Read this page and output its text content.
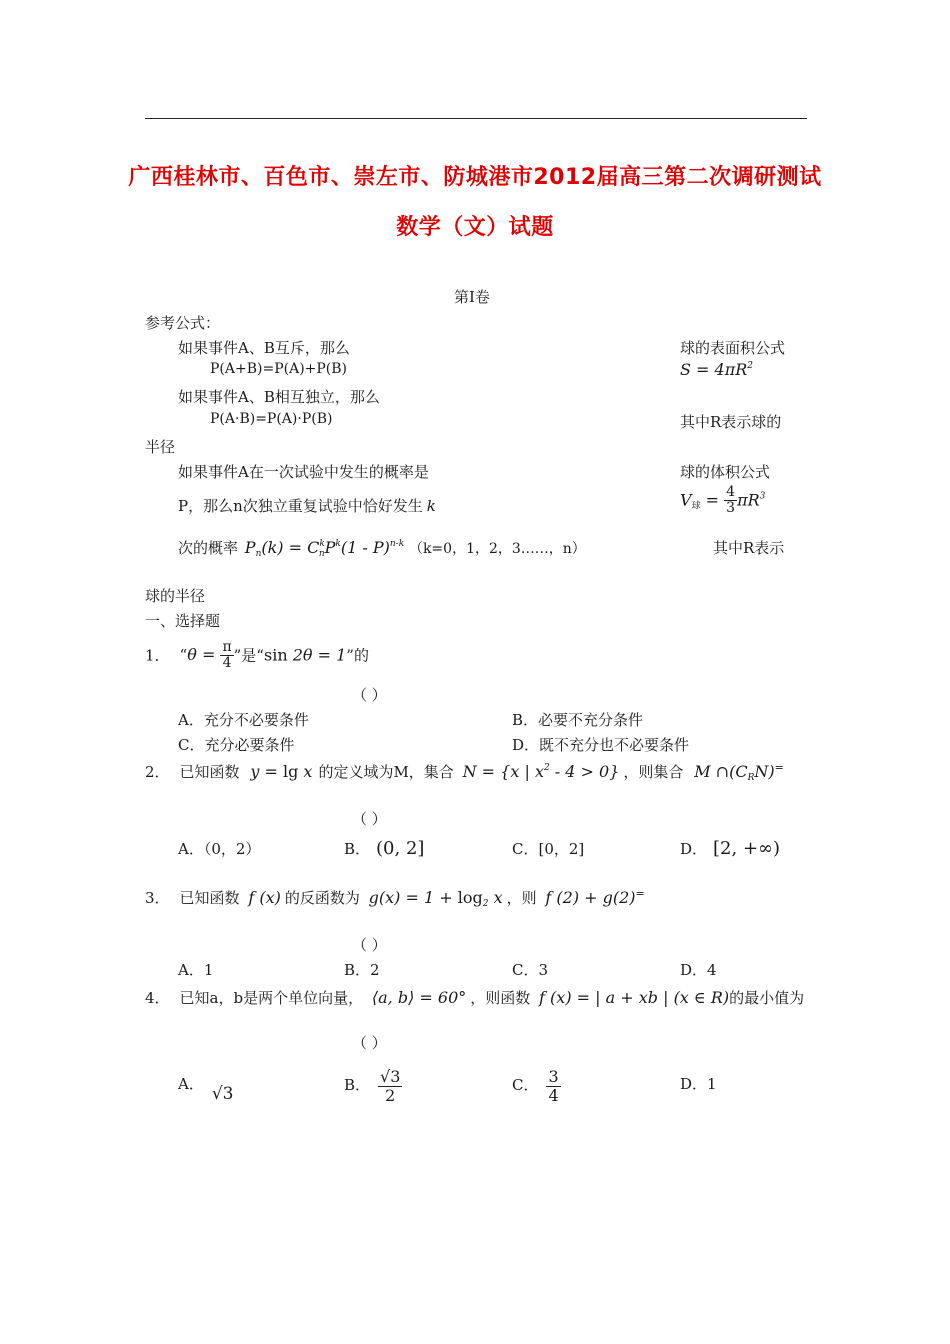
广西桂林市、百色市、崇左市、防城港市2012届高三第二次调研测试
数学（文）试题
第Ⅰ卷
参考公式：
如果事件A、B互斥，那么
P(A+B)=P(A)+P(B)
如果事件A、B相互独立，那么
P(A·B)=P(A)·P(B)
半径
如果事件A在一次试验中发生的概率是
P，那么n次独立重复试验中恰好发生 k
次的概率 $P_n(k) = C^k_nP^k(1 - P)^{n-k}$ （k=0，1，2，3……，n）
球的表面积公式
$S = 4\pi R^2$
其中R表示球的
球的体积公式
$V_球 = \frac{4}{3} \pi R^3$
其中R表示
球的半径
一、选择题
1． “$\theta = \frac{\pi}{4}$ ”是“sin 2θ = 1”的
（ ）
A．充分不必要条件	B．必要不充分条件
C．充分必要条件	D．既不充分也不必要条件
2． 已知函数 y = lg x 的定义域为M，集合 N = {x | $x^2 - 4 > 0$} ，则集合 M $\cap(C_RN)^=$
（ ）
A．（0，2）	B． (0, 2]	C．[0，2]	D． [2, +∞)
3． 已知函数 f (x) 的反函数为 $g(x) = 1 + \log_2 x$ ，则 f (2) + g(2)=
（ ）
A．1	B．2	C．3	D．4
4． 已知a，b是两个单位向量， ⟨a, b⟩ = 60° ，则函数 f (x) = | a + xb | (x ∈ R)的最小值为
（ ）
A． √3	B． $\frac{√3}{2}$	C． $\frac{3}{4}$	D．1
